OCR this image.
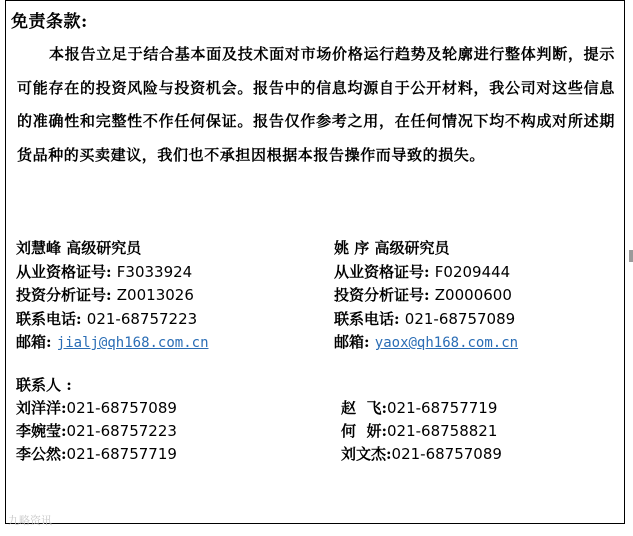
免责条款:
本报告立足于结合基本面及技术面对市场价格运行趋势及轮廓进行整体判断，提示可能存在的投资风险与投资机会。报告中的信息均源自于公开材料，我公司对这些信息的准确性和完整性不作任何保证。报告仅作参考之用，在任何情况下均不构成对所述期货品种的买卖建议，我们也不承担因根据本报告操作而导致的损失。
刘慧峰 高级研究员
从业资格证号: F3033924
投资分析证号: Z0013026
联系电话: 021-68757223
邮箱: jialj@qh168.com.cn
姚 序 高级研究员
从业资格证号: F0209444
投资分析证号: Z0000600
联系电话: 021-68757089
邮箱: yaox@qh168.com.cn
联系人 :
刘洋洋:021-68757089
李婉莹:021-68757223
李公然:021-68757719
赵  飞:021-68757719
何  妍:021-68758821
刘文杰:021-68757089
九略资讯
